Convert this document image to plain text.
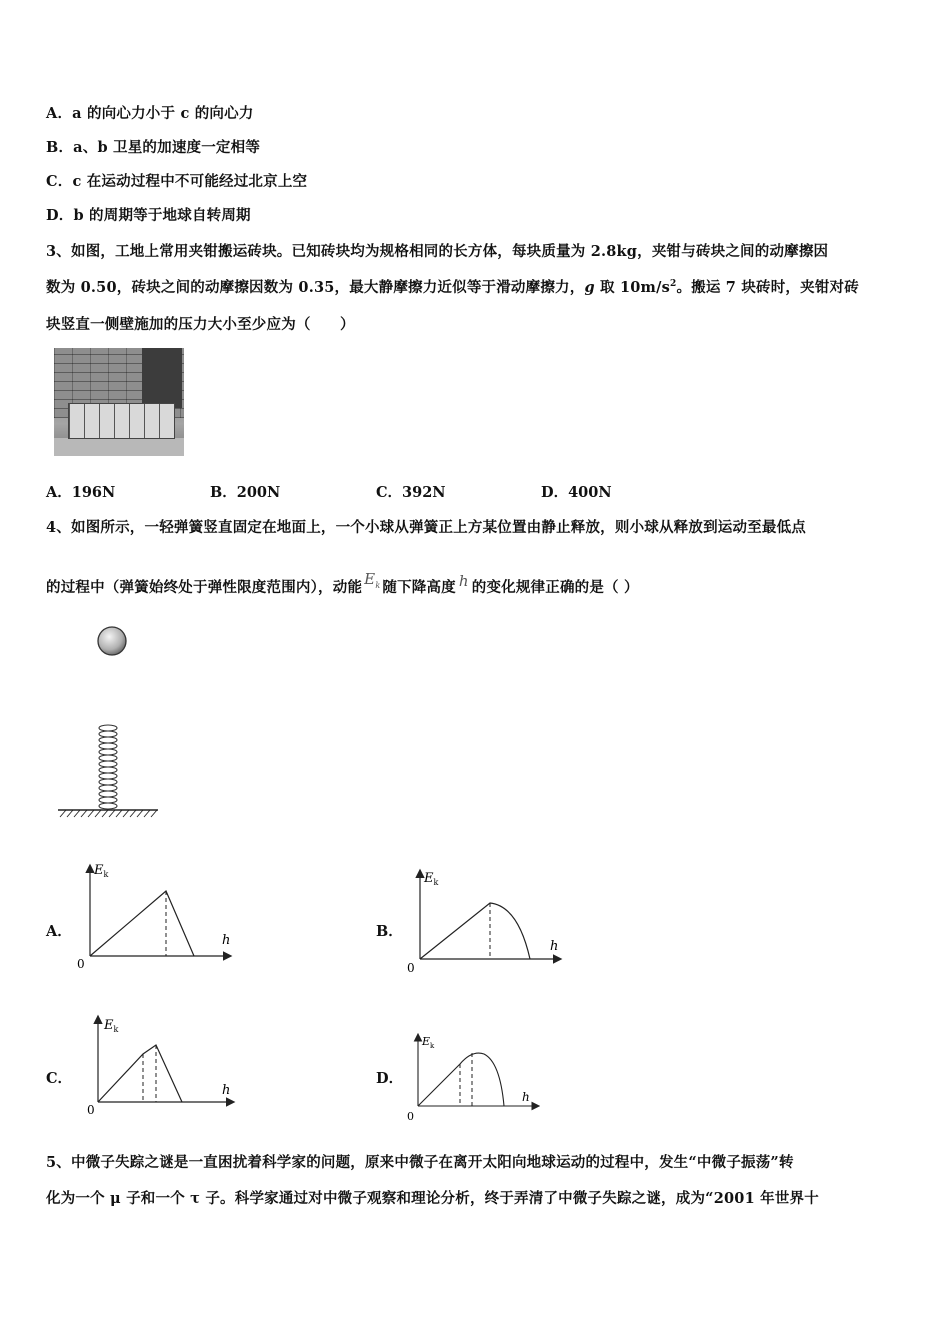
A．a 的向心力小于 c 的向心力
B．a、b 卫星的加速度一定相等
C．c 在运动过程中不可能经过北京上空
D．b 的周期等于地球自转周期
3、如图，工地上常用夹钳搬运砖块。已知砖块均为规格相同的长方体，每块质量为 2.8kg，夹钳与砖块之间的动摩擦因
数为 0.50，砖块之间的动摩擦因数为 0.35，最大静摩擦力近似等于滑动摩擦力，g 取 $10m/s^2$。搬运 7 块砖时，夹钳对砖
块竖直一侧壁施加的压力大小至少应为（　　）
A．196N	B．200N	C．392N	D．400N
4、如图所示，一轻弹簧竖直固定在地面上，一个小球从弹簧正上方某位置由静止释放，则小球从释放到运动至最低点
的过程中（弹簧始终处于弹性限度范围内），动能 $E_k$ 随下降高度 h 的变化规律正确的是（ ）
A．	B．
C．	D．
$E_k$
h
0
$E_k$
h
0
$E_k$
h
0
$E_k$
h
0
5、中微子失踪之谜是一直困扰着科学家的问题，原来中微子在离开太阳向地球运动的过程中，发生“中微子振荡”转
化为一个 μ 子和一个 τ 子。科学家通过对中微子观察和理论分析，终于弄清了中微子失踪之谜，成为“2001 年世界十
